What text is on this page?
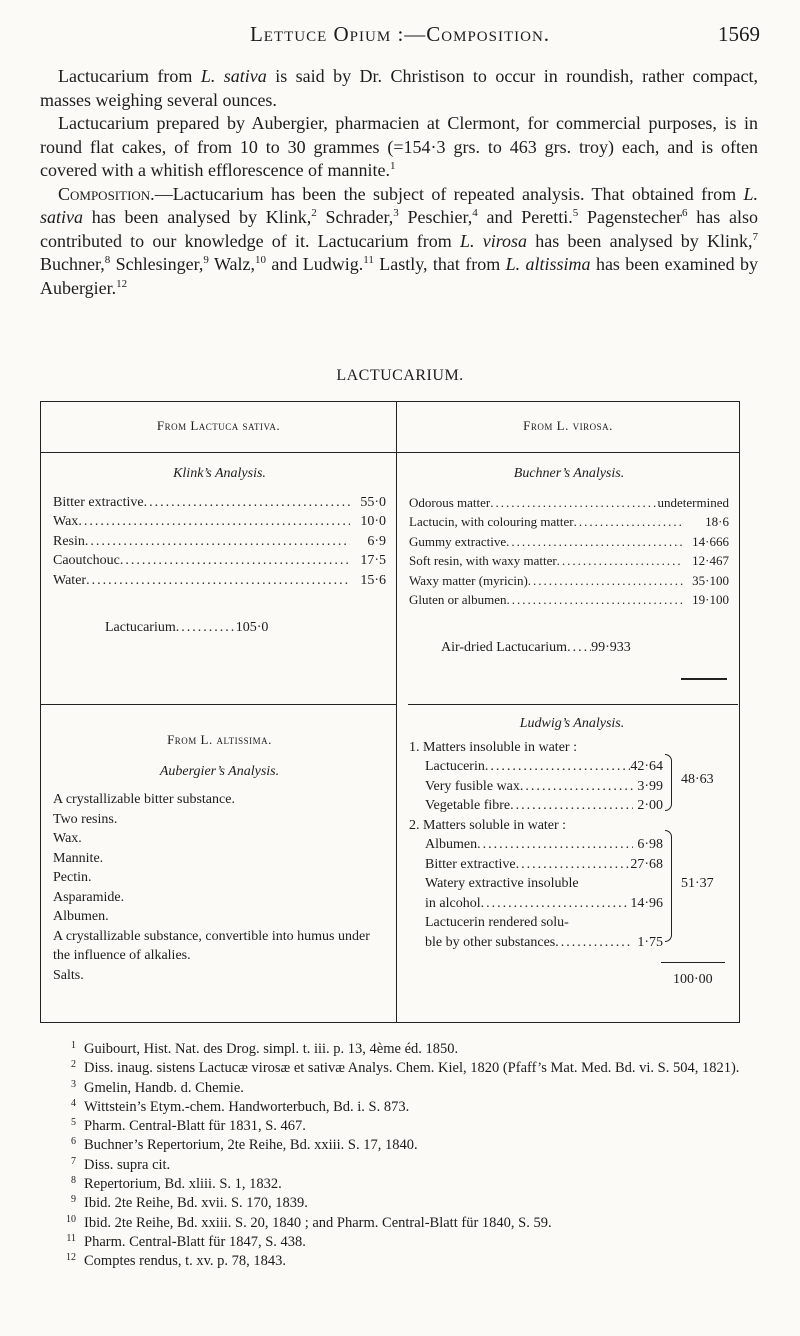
Lettuce Opium :—Composition.	1569

Lactucarium from L. sativa is said by Dr. Christison to occur in roundish, rather compact, masses weighing several ounces.

Lactucarium prepared by Aubergier, pharmacien at Clermont, for commercial purposes, is in round flat cakes, of from 10 to 30 grammes (=154·3 grs. to 463 grs. troy) each, and is often covered with a whitish efflorescence of mannite.$^1$

Composition.—Lactucarium has been the subject of repeated analysis. That obtained from L. sativa has been analysed by Klink,$^2$ Schrader,$^3$ Peschier,$^4$ and Peretti.$^5$ Pagenstecher$^6$ has also contributed to our knowledge of it. Lactucarium from L. virosa has been analysed by Klink,$^7$ Buchner,$^8$ Schlesinger,$^9$ Walz,$^{10}$ and Ludwig.$^{11}$ Lastly, that from L. altissima has been examined by Aubergier.$^{12}$

LACTUCARIUM.
From Lactuca sativa.	From L. virosa.
Klink’s Analysis.
Bitter extractive .....	55·0
Wax .....	10·0
Resin .....	6·9
Caoutchouc .....	17·5
Water .....	15·6
Lactucarium .....	105·0
Buchner’s Analysis.
Odorous matter .....	undetermined
Lactucin, with colouring matter .....	18·6
Gummy extractive .....	14·666
Soft resin, with waxy matter .....	12·467
Waxy matter (myricin) .....	35·100
Gluten or albumen .....	19·100
Air-dried Lactucarium ..... 99·933
From L. altissima.
Aubergier’s Analysis.
A crystallizable bitter substance.
Two resins.
Wax.
Mannite.
Pectin.
Asparamide.
Albumen.
A crystallizable substance, convertible into humus under the influence of alkalies.
Salts.
Ludwig’s Analysis.
1. Matters insoluble in water :
Lactucerin .....	42·64
Very fusible wax .....	3·99
Vegetable fibre .....	2·00
2. Matters soluble in water :
Albumen .....	6·98
Bitter extractive .....	27·68
Watery extractive insoluble
in alcohol .....	14·96
Lactucerin rendered solu-
ble by other substances .....	1·75
48·63
51·37
100·00
1 Guibourt, Hist. Nat. des Drog. simpl. t. iii. p. 13, 4ème éd. 1850.
2 Diss. inaug. sistens Lactucæ virosæ et sativæ Analys. Chem. Kiel, 1820 (Pfaff’s Mat. Med. Bd. vi. S. 504, 1821).
3 Gmelin, Handb. d. Chemie.
4 Wittstein’s Etym.-chem. Handworterbuch, Bd. i. S. 873.
5 Pharm. Central-Blatt für 1831, S. 467.
6 Buchner’s Repertorium, 2te Reihe, Bd. xxiii. S. 17, 1840.
7 Diss. supra cit.
8 Repertorium, Bd. xliii. S. 1, 1832.
9 Ibid. 2te Reihe, Bd. xvii. S. 170, 1839.
10 Ibid. 2te Reihe, Bd. xxiii. S. 20, 1840 ; and Pharm. Central-Blatt für 1840, S. 59.
11 Pharm. Central-Blatt für 1847, S. 438.
12 Comptes rendus, t. xv. p. 78, 1843.
